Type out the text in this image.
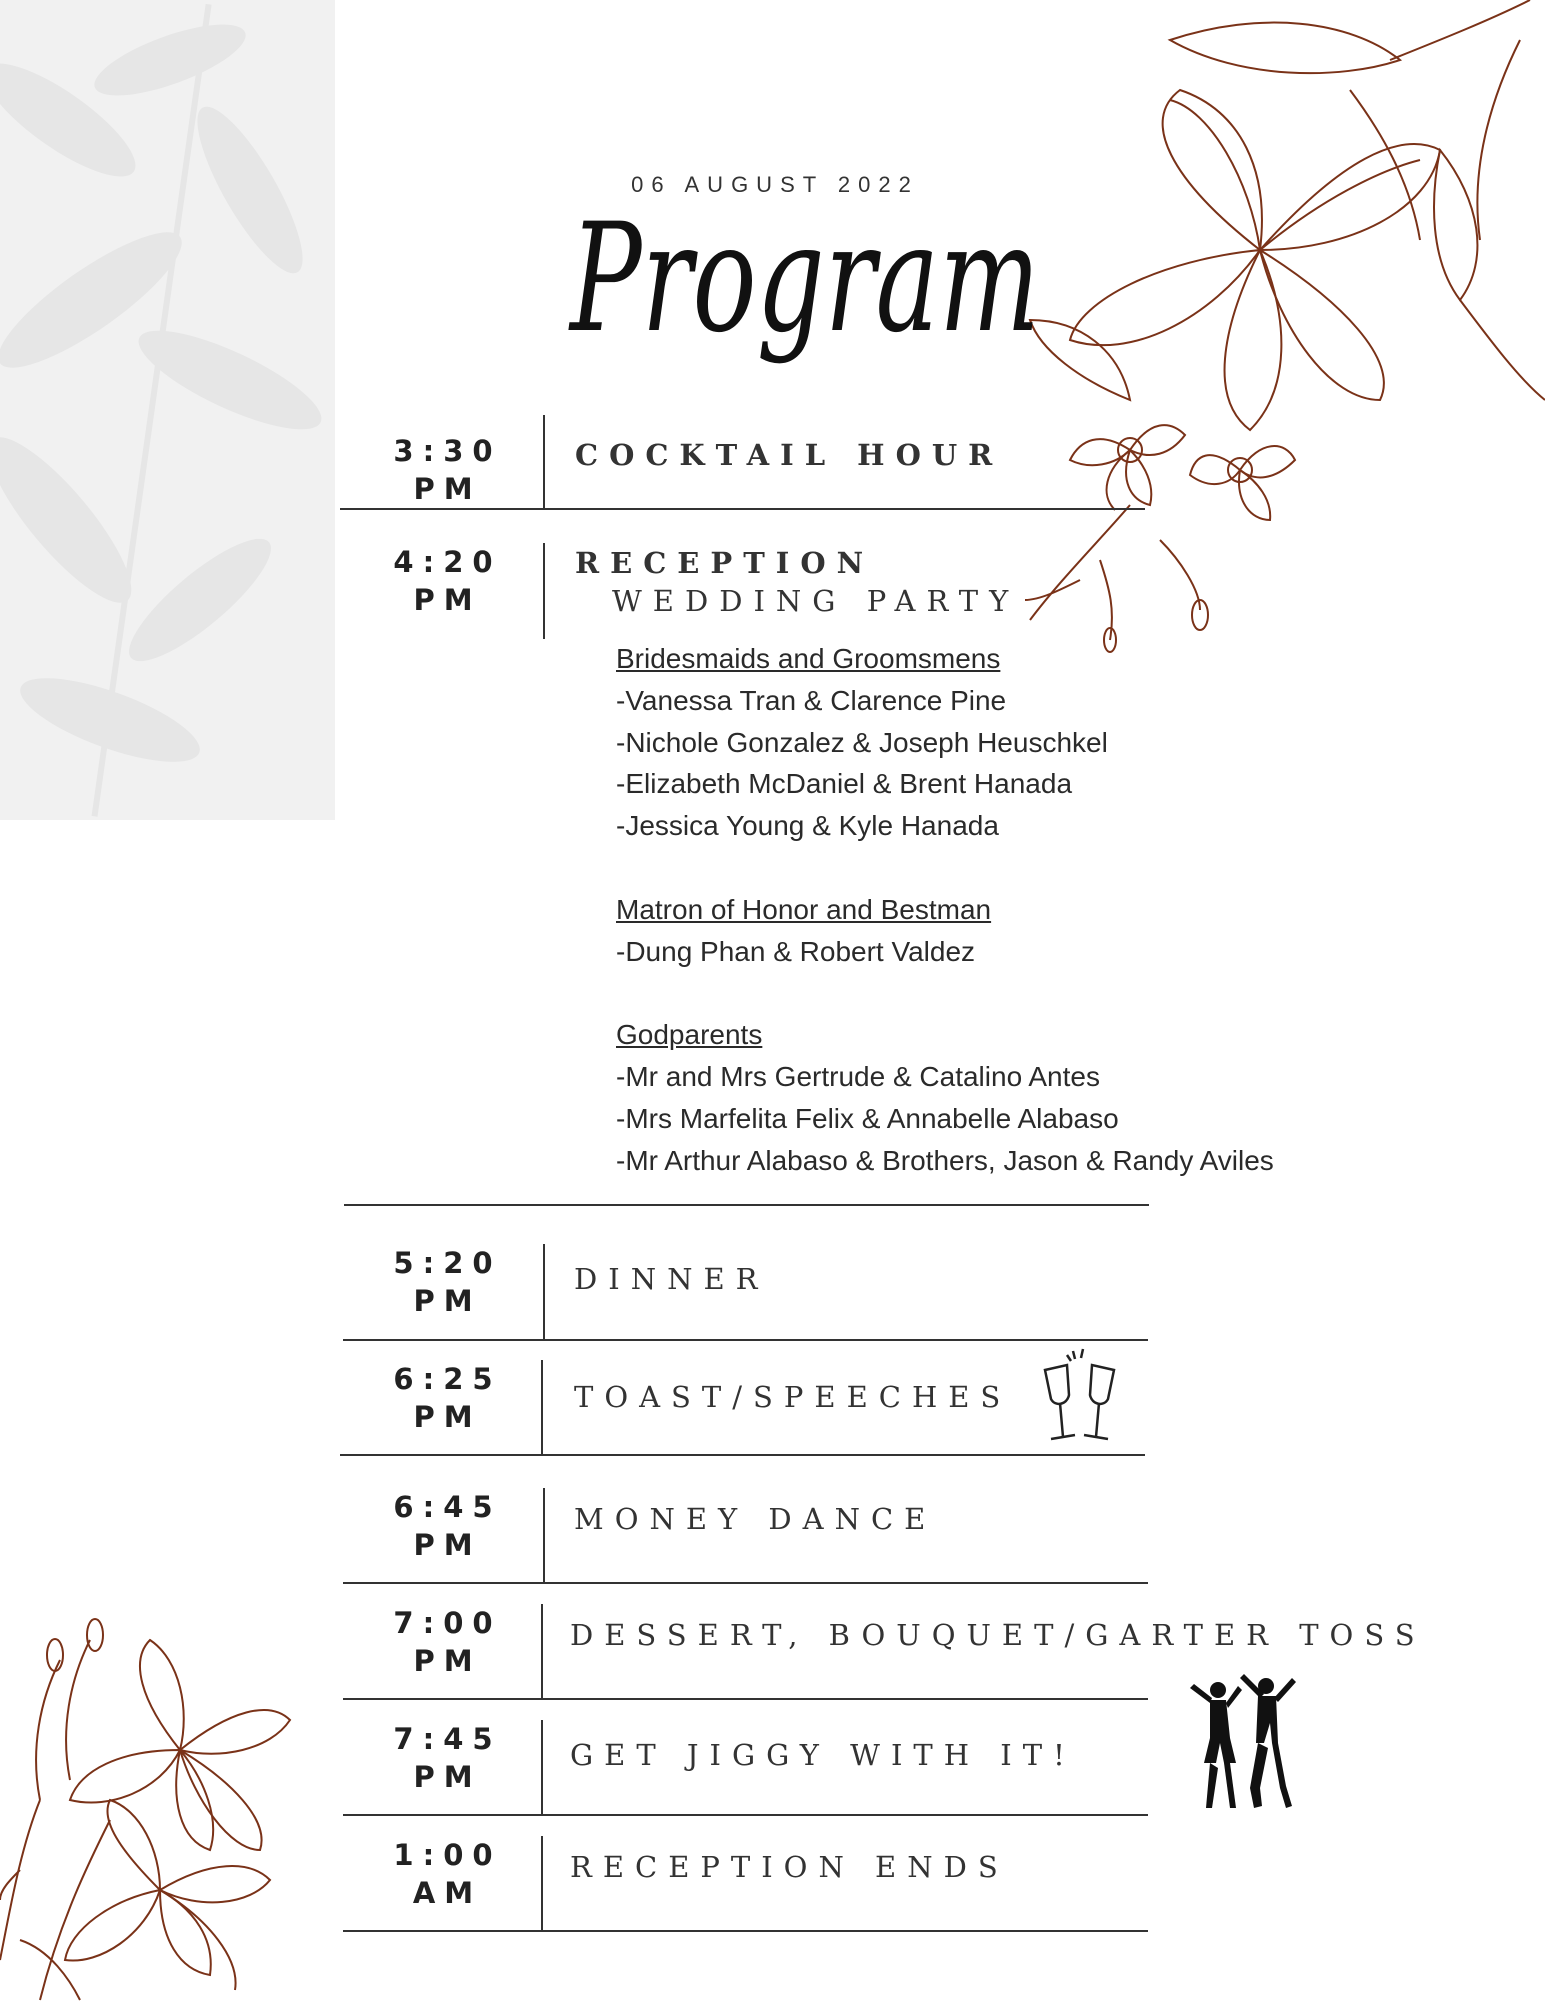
06 AUGUST 2022
Program
3:30
PM
COCKTAIL HOUR
4:20
PM
RECEPTION
WEDDING PARTY
Bridesmaids and Groomsmens
-Vanessa Tran & Clarence Pine
-Nichole Gonzalez & Joseph Heuschkel
-Elizabeth McDaniel & Brent Hanada
-Jessica Young & Kyle Hanada
Matron of Honor and Bestman
-Dung Phan & Robert Valdez
Godparents
-Mr and Mrs Gertrude & Catalino Antes
-Mrs Marfelita Felix & Annabelle Alabaso
-Mr Arthur Alabaso & Brothers, Jason & Randy Aviles
5:20
PM
DINNER
6:25
PM
TOAST/SPEECHES
6:45
PM
MONEY DANCE
7:00
PM
DESSERT, BOUQUET/GARTER TOSS
7:45
PM
GET JIGGY WITH IT!
1:00
AM
RECEPTION ENDS
